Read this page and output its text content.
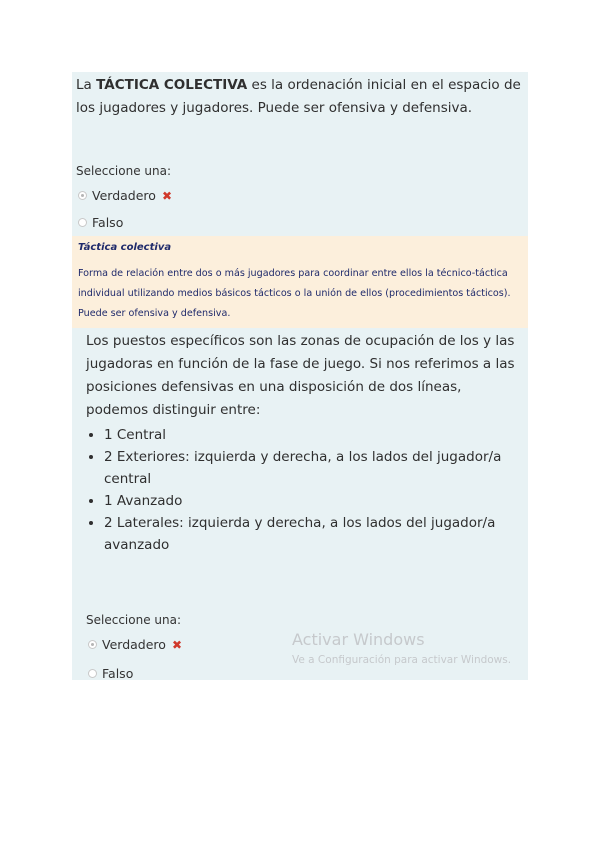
La TÁCTICA COLECTIVA es la ordenación inicial en el espacio de los jugadores y jugadores. Puede ser ofensiva y defensiva.
Seleccione una:
Verdadero ✖
Falso
Táctica colectiva
Forma de relación entre dos o más jugadores para coordinar entre ellos la técnico-táctica individual utilizando medios básicos tácticos o la unión de ellos (procedimientos tácticos). Puede ser ofensiva y defensiva.
Los puestos específicos son las zonas de ocupación de los y las jugadoras en función de la fase de juego. Si nos referimos a las posiciones defensivas en una disposición de dos líneas, podemos distinguir entre:
• 1 Central
• 2 Exteriores: izquierda y derecha, a los lados del jugador/a central
• 1 Avanzado
• 2 Laterales: izquierda y derecha, a los lados del jugador/a avanzado
Seleccione una:
Verdadero ✖
Falso
Activar Windows
Ve a Configuración para activar Windows.
